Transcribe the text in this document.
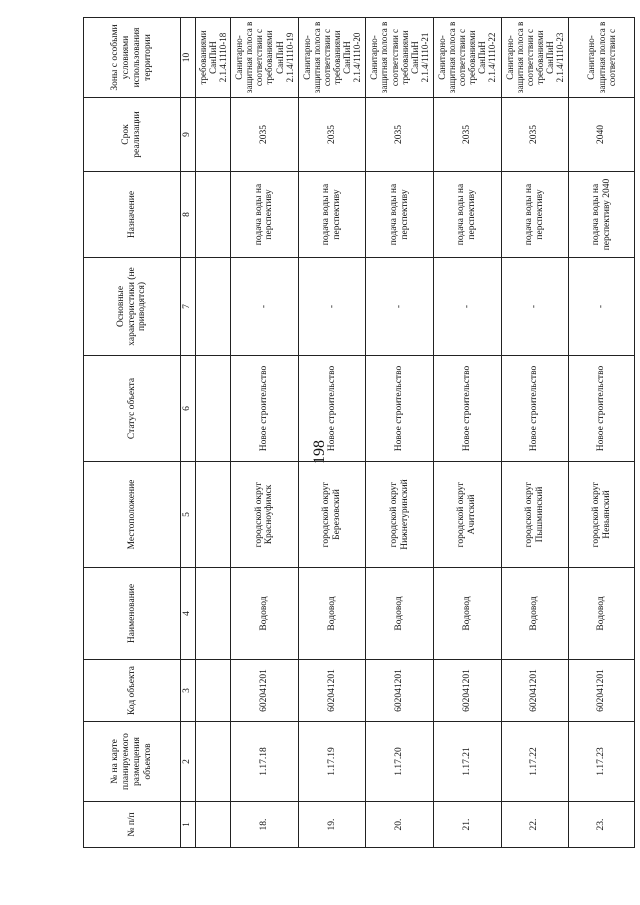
198
№ п/п	№ на карте планируемого размещения объектов	Код объекта	Наименование	Местоположение	Статус объекта	Основные характеристики (не приводятся)	Назначение	Срок реализации	Зоны с особыми условиями использования территории
1	2	3	4	5	6	7	8	9	10
									требованиями СанПиН 2.1.4.1110-18
18.	1.17.18	602041201	Водовод	городской округ Красноуфимск	Новое строительство	-	подача воды на перспективу	2035	Санитарно-защитная полоса в соответствии с требованиями СанПиН 2.1.4/1110-19
19.	1.17.19	602041201	Водовод	городской округ Березовский	Новое строительство	-	подача воды на перспективу	2035	Санитарно-защитная полоса в соответствии с требованиями СанПиН 2.1.4/1110-20
20.	1.17.20	602041201	Водовод	городской округ Нижнетуринский	Новое строительство	-	подача воды на перспективу	2035	Санитарно-защитная полоса в соответствии с требованиями СанПиН 2.1.4/1110-21
21.	1.17.21	602041201	Водовод	городской округ Ачитский	Новое строительство	-	подача воды на перспективу	2035	Санитарно-защитная полоса в соответствии с требованиями СанПиН 2.1.4/1110-22
22.	1.17.22	602041201	Водовод	городской округ Пышминский	Новое строительство	-	подача воды на перспективу	2035	Санитарно-защитная полоса в соответствии с требованиями СанПиН 2.1.4/1110-23
23.	1.17.23	602041201	Водовод	городской округ Невьянский	Новое строительство	-	подача воды на перспективу 2040	2040	Санитарно-защитная полоса в соответствии с
